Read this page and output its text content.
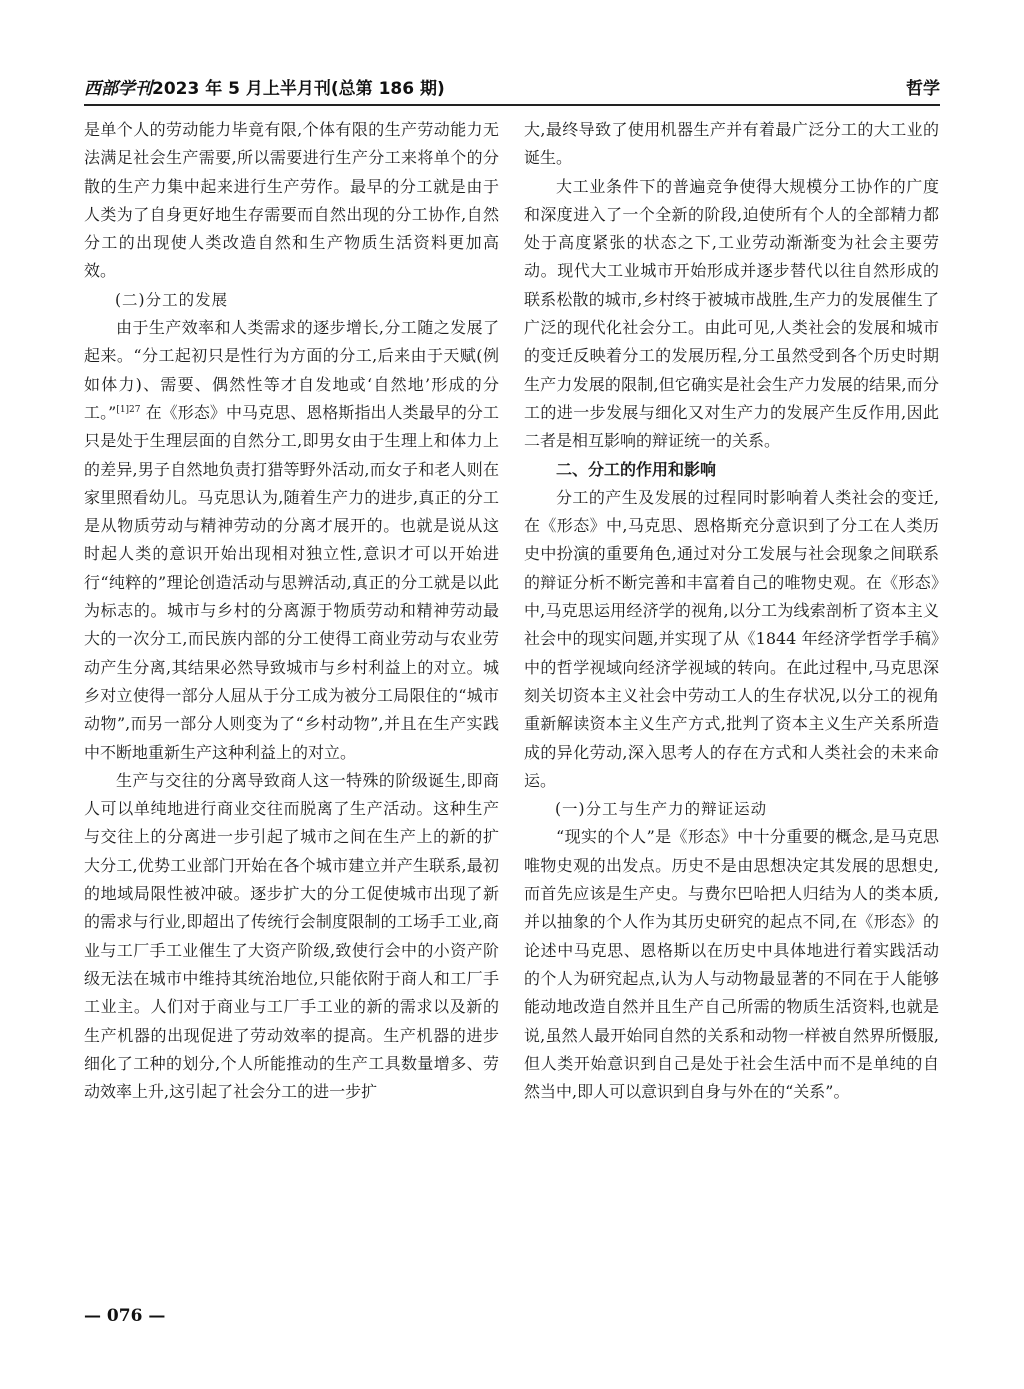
西部学刊2023 年 5 月上半月刊(总第 186 期)	哲学

是单个人的劳动能力毕竟有限,个体有限的生产劳动能力无法满足社会生产需要,所以需要进行生产分工来将单个的分散的生产力集中起来进行生产劳作。最早的分工就是由于人类为了自身更好地生存需要而自然出现的分工协作,自然分工的出现使人类改造自然和生产物质生活资料更加高效。

(二)分工的发展

由于生产效率和人类需求的逐步增长,分工随之发展了起来。“分工起初只是性行为方面的分工,后来由于天赋(例如体力)、需要、偶然性等才自发地或‘自然地’形成的分工。”$^{[1]27}$ 在《形态》中马克思、恩格斯指出人类最早的分工只是处于生理层面的自然分工,即男女由于生理上和体力上的差异,男子自然地负责打猎等野外活动,而女子和老人则在家里照看幼儿。马克思认为,随着生产力的进步,真正的分工是从物质劳动与精神劳动的分离才展开的。也就是说从这时起人类的意识开始出现相对独立性,意识才可以开始进行“纯粹的”理论创造活动与思辨活动,真正的分工就是以此为标志的。城市与乡村的分离源于物质劳动和精神劳动最大的一次分工,而民族内部的分工使得工商业劳动与农业劳动产生分离,其结果必然导致城市与乡村利益上的对立。城乡对立使得一部分人屈从于分工成为被分工局限住的“城市动物”,而另一部分人则变为了“乡村动物”,并且在生产实践中不断地重新生产这种利益上的对立。

生产与交往的分离导致商人这一特殊的阶级诞生,即商人可以单纯地进行商业交往而脱离了生产活动。这种生产与交往上的分离进一步引起了城市之间在生产上的新的扩大分工,优势工业部门开始在各个城市建立并产生联系,最初的地域局限性被冲破。逐步扩大的分工促使城市出现了新的需求与行业,即超出了传统行会制度限制的工场手工业,商业与工厂手工业催生了大资产阶级,致使行会中的小资产阶级无法在城市中维持其统治地位,只能依附于商人和工厂手工业主。人们对于商业与工厂手工业的新的需求以及新的生产机器的出现促进了劳动效率的提高。生产机器的进步细化了工种的划分,个人所能推动的生产工具数量增多、劳动效率上升,这引起了社会分工的进一步扩

大,最终导致了使用机器生产并有着最广泛分工的大工业的诞生。

大工业条件下的普遍竞争使得大规模分工协作的广度和深度进入了一个全新的阶段,迫使所有个人的全部精力都处于高度紧张的状态之下,工业劳动渐渐变为社会主要劳动。现代大工业城市开始形成并逐步替代以往自然形成的联系松散的城市,乡村终于被城市战胜,生产力的发展催生了广泛的现代化社会分工。由此可见,人类社会的发展和城市的变迁反映着分工的发展历程,分工虽然受到各个历史时期生产力发展的限制,但它确实是社会生产力发展的结果,而分工的进一步发展与细化又对生产力的发展产生反作用,因此二者是相互影响的辩证统一的关系。

二、分工的作用和影响

分工的产生及发展的过程同时影响着人类社会的变迁,在《形态》中,马克思、恩格斯充分意识到了分工在人类历史中扮演的重要角色,通过对分工发展与社会现象之间联系的辩证分析不断完善和丰富着自己的唯物史观。在《形态》中,马克思运用经济学的视角,以分工为线索剖析了资本主义社会中的现实问题,并实现了从《1844 年经济学哲学手稿》中的哲学视域向经济学视域的转向。在此过程中,马克思深刻关切资本主义社会中劳动工人的生存状况,以分工的视角重新解读资本主义生产方式,批判了资本主义生产关系所造成的异化劳动,深入思考人的存在方式和人类社会的未来命运。

(一)分工与生产力的辩证运动

“现实的个人”是《形态》中十分重要的概念,是马克思唯物史观的出发点。历史不是由思想决定其发展的思想史,而首先应该是生产史。与费尔巴哈把人归结为人的类本质,并以抽象的个人作为其历史研究的起点不同,在《形态》的论述中马克思、恩格斯以在历史中具体地进行着实践活动的个人为研究起点,认为人与动物最显著的不同在于人能够能动地改造自然并且生产自己所需的物质生活资料,也就是说,虽然人最开始同自然的关系和动物一样被自然界所慑服,但人类开始意识到自己是处于社会生活中而不是单纯的自然当中,即人可以意识到自身与外在的“关系”。

— 076 —
